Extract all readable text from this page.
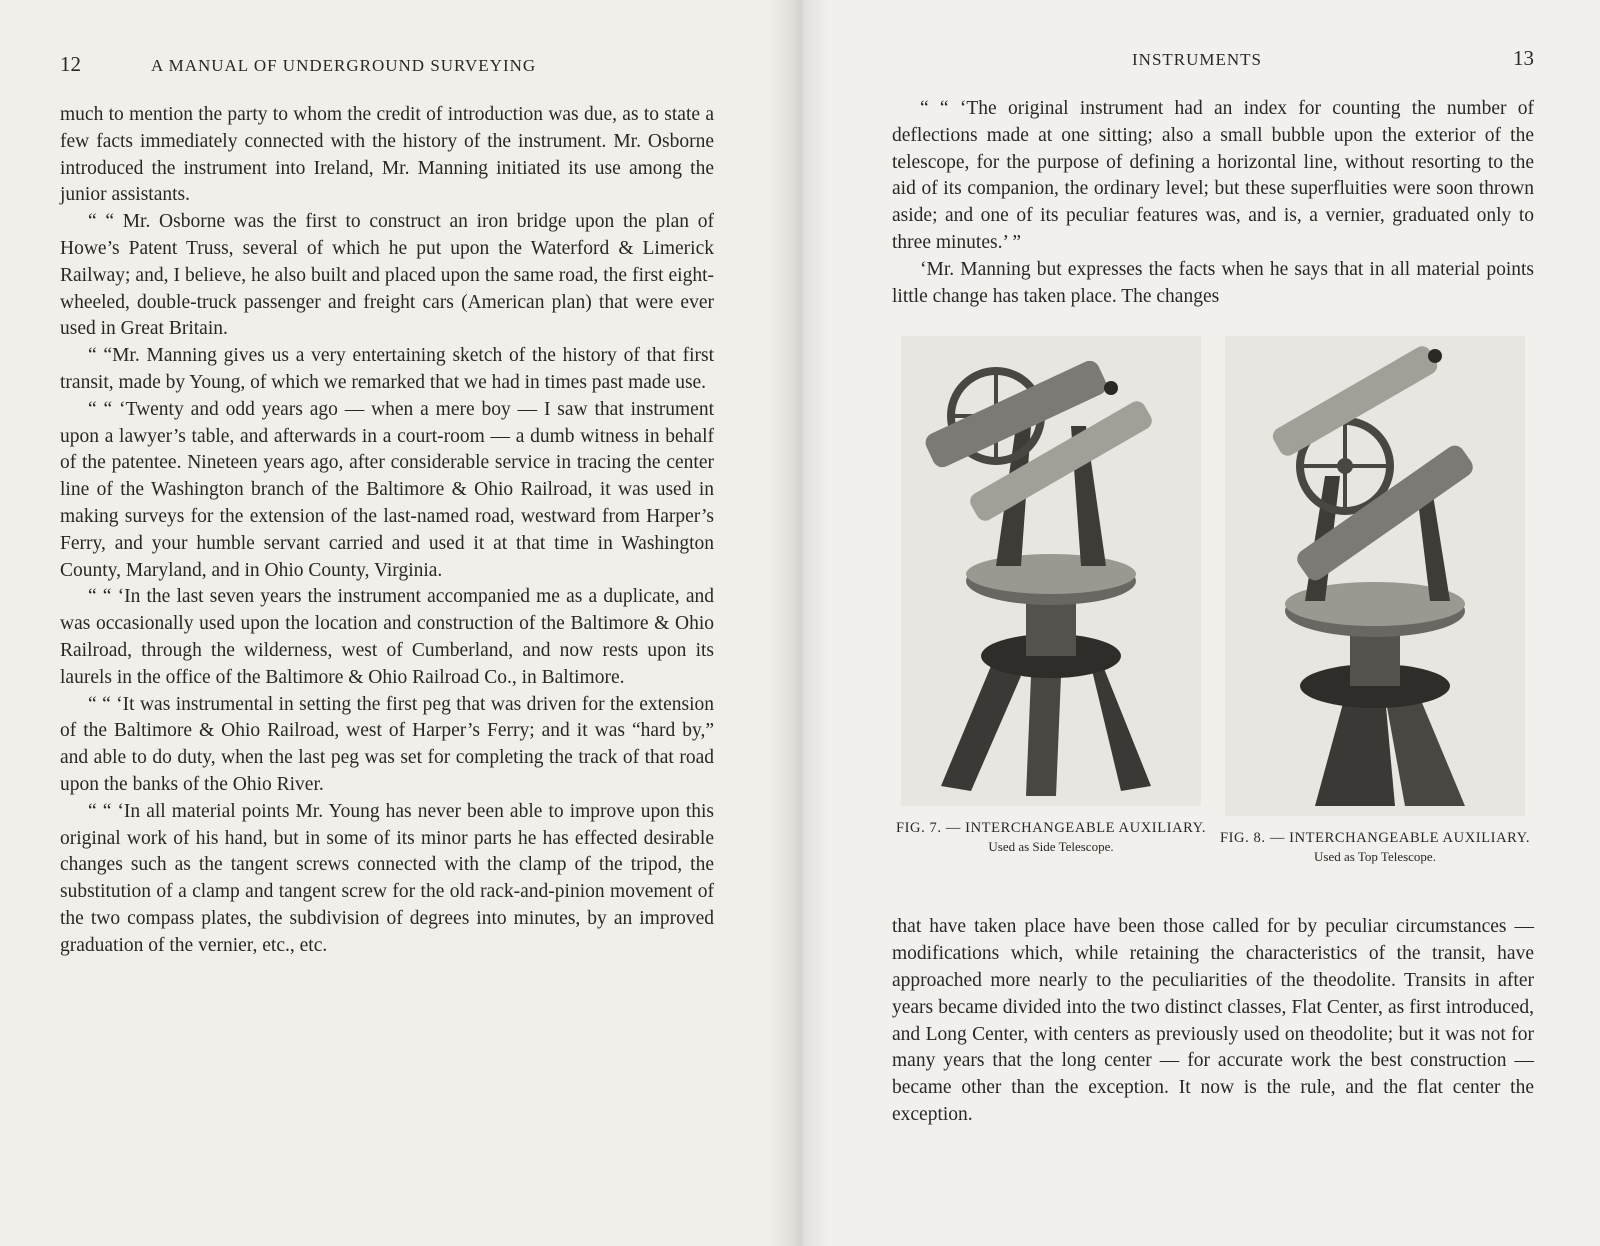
12	A MANUAL OF UNDERGROUND SURVEYING

much to mention the party to whom the credit of introduction was due, as to state a few facts immediately connected with the history of the instrument. Mr. Osborne introduced the instrument into Ireland, Mr. Manning initiated its use among the junior assistants.

“ “ Mr. Osborne was the first to construct an iron bridge upon the plan of Howe’s Patent Truss, several of which he put upon the Waterford & Limerick Railway; and, I believe, he also built and placed upon the same road, the first eight-wheeled, double-truck passenger and freight cars (American plan) that were ever used in Great Britain.

“ “Mr. Manning gives us a very entertaining sketch of the history of that first transit, made by Young, of which we remarked that we had in times past made use.

“ “ ‘Twenty and odd years ago — when a mere boy — I saw that instrument upon a lawyer’s table, and afterwards in a court-room — a dumb witness in behalf of the patentee. Nineteen years ago, after considerable service in tracing the center line of the Washington branch of the Baltimore & Ohio Railroad, it was used in making surveys for the extension of the last-named road, westward from Harper’s Ferry, and your humble servant carried and used it at that time in Washington County, Maryland, and in Ohio County, Virginia.

“ “ ‘In the last seven years the instrument accompanied me as a duplicate, and was occasionally used upon the location and construction of the Baltimore & Ohio Railroad, through the wilderness, west of Cumberland, and now rests upon its laurels in the office of the Baltimore & Ohio Railroad Co., in Baltimore.

“ “ ‘It was instrumental in setting the first peg that was driven for the extension of the Baltimore & Ohio Railroad, west of Harper’s Ferry; and it was “hard by,” and able to do duty, when the last peg was set for completing the track of that road upon the banks of the Ohio River.

“ “ ‘In all material points Mr. Young has never been able to improve upon this original work of his hand, but in some of its minor parts he has effected desirable changes such as the tangent screws connected with the clamp of the tripod, the substitution of a clamp and tangent screw for the old rack-and-pinion movement of the two compass plates, the subdivision of degrees into minutes, by an improved graduation of the vernier, etc., etc.

INSTRUMENTS	13

“ “ ‘The original instrument had an index for counting the number of deflections made at one sitting; also a small bubble upon the exterior of the telescope, for the purpose of defining a horizontal line, without resorting to the aid of its companion, the ordinary level; but these superfluities were soon thrown aside; and one of its peculiar features was, and is, a vernier, graduated only to three minutes.’ ”

‘Mr. Manning but expresses the facts when he says that in all material points little change has taken place. The changes

FIG. 7. — INTERCHANGEABLE AUXILIARY.
Used as Side Telescope.
FIG. 8. — INTERCHANGEABLE AUXILIARY.
Used as Top Telescope.

that have taken place have been those called for by peculiar circumstances — modifications which, while retaining the characteristics of the transit, have approached more nearly to the peculiarities of the theodolite. Transits in after years became divided into the two distinct classes, Flat Center, as first introduced, and Long Center, with centers as previously used on theodolite; but it was not for many years that the long center — for accurate work the best construction — became other than the exception. It now is the rule, and the flat center the exception.
